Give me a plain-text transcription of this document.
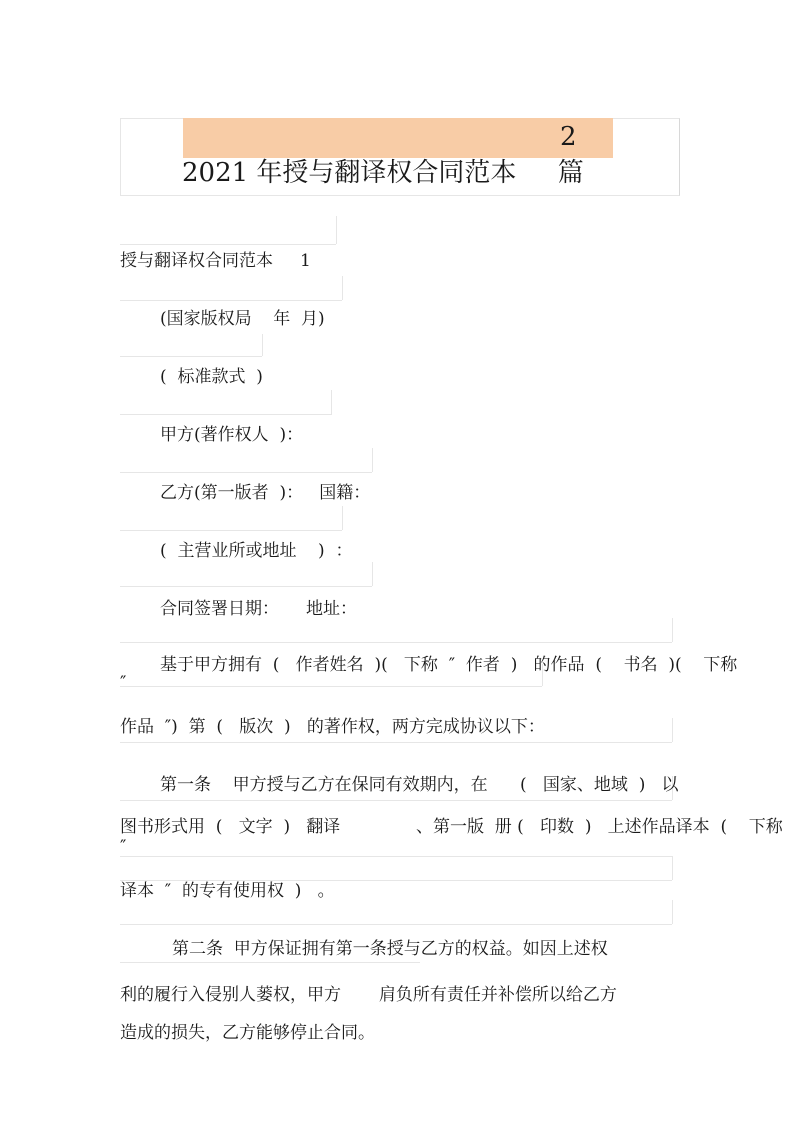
2
2021 年授与翻译权合同范本     篇
授与翻译权合同范本     1
(国家版权局    年  月)
(  标准款式  )
甲方(著作权人  )：
乙方(第一版者  )：   国籍：
(  主营业所或地址    )  ：
合同签署日期：     地址：
基于甲方拥有  (   作者姓名  )(   下称  ″  作者  )   的作品  (    书名  )(    下称
″
作品  ″)  第  (   版次  )   的著作权，两方完成协议以下：
第一条    甲方授与乙方在保同有效期内，在      (   国家、地域  )   以
图书形式用  (   文字  )   翻译              、第一版  册 (   印数  )   上述作品译本  (    下称
″
译本  ″  的专有使用权  )   。
第二条  甲方保证拥有第一条授与乙方的权益。如因上述权
利的履行入侵别人蒌权，甲方       肩负所有责任并补偿所以给乙方
造成的损失，乙方能够停止合同。
